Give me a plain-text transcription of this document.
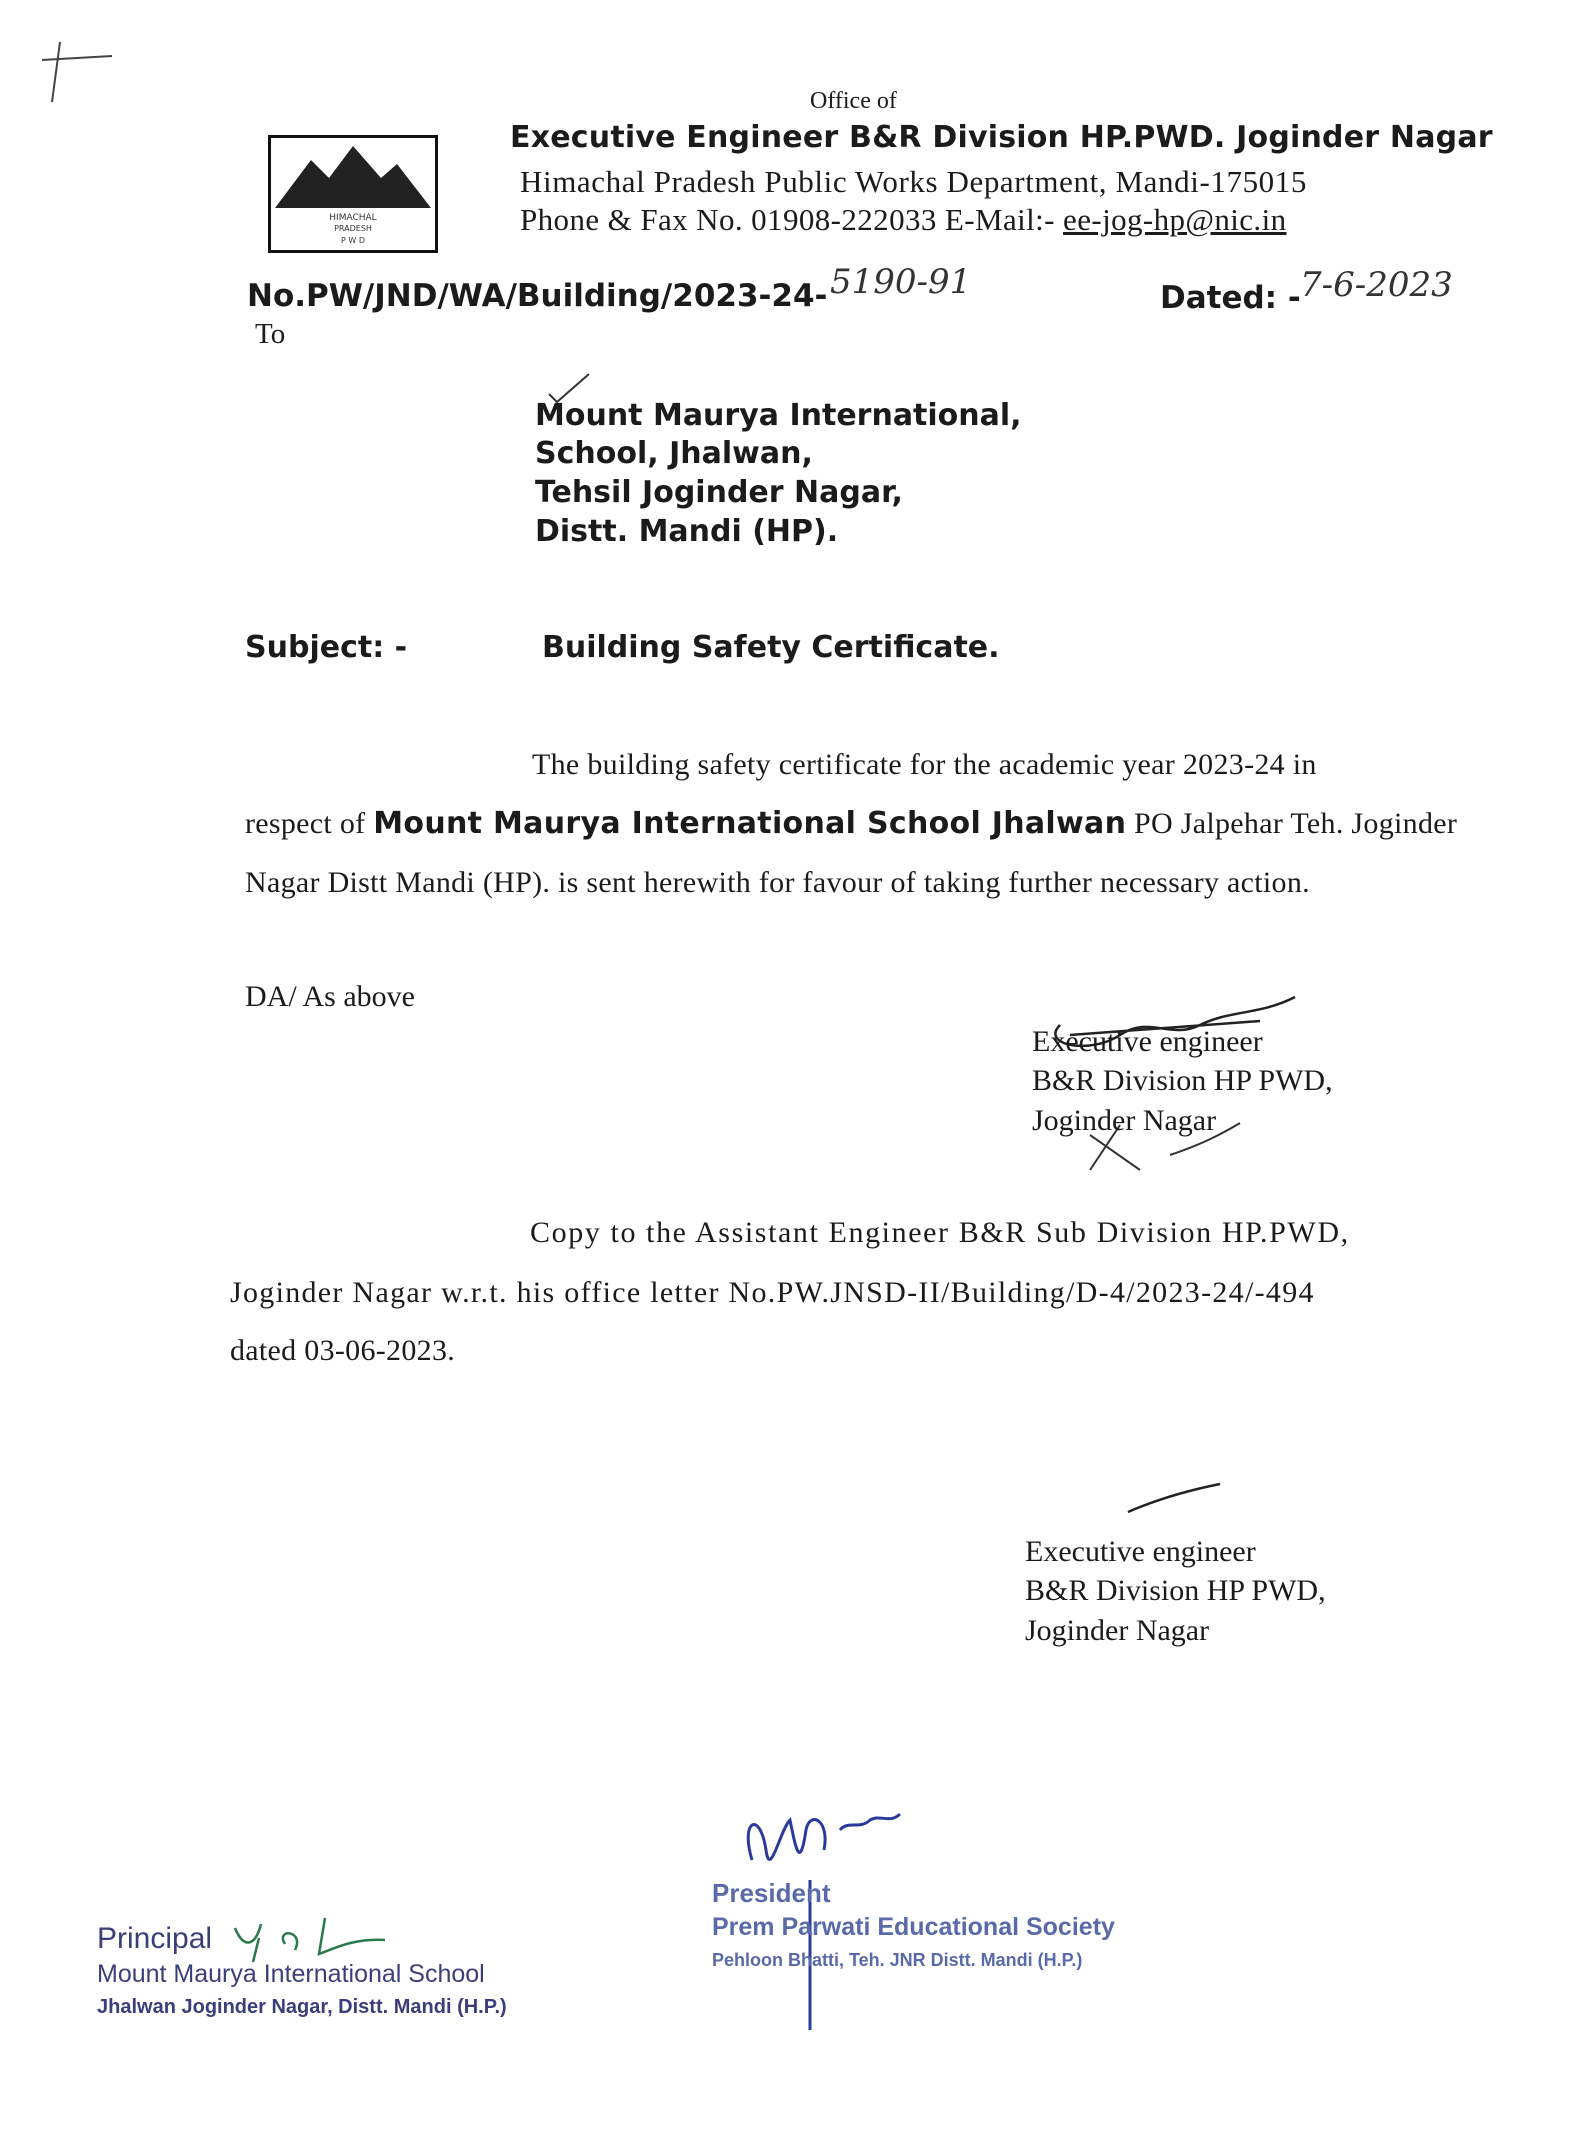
HIMACHAL
PRADESH
P W D
Office of
Executive Engineer B&R Division HP.PWD. Joginder Nagar
Himachal Pradesh Public Works Department, Mandi-175015
Phone & Fax No. 01908-222033 E-Mail:- ee-jog-hp@nic.in
No.PW/JND/WA/Building/2023-24- 5190-91	Dated: - 7-6-2023
To
Mount Maurya International,
School, Jhalwan,
Tehsil Joginder Nagar,
Distt. Mandi (HP).
Subject: -	Building Safety Certificate.
The building safety certificate for the academic year 2023-24 in
respect of Mount Maurya International School Jhalwan PO Jalpehar Teh. Joginder
Nagar Distt Mandi (HP). is sent herewith for favour of taking further necessary action.
DA/ As above
Executive engineer
B&R Division HP PWD,
Joginder Nagar
Copy to the Assistant Engineer B&R Sub Division HP.PWD,
Joginder Nagar w.r.t. his office letter No.PW.JNSD-II/Building/D-4/2023-24/-494
dated 03-06-2023.
Executive engineer
B&R Division HP PWD,
Joginder Nagar
Principal
Mount Maurya International School
Jhalwan Joginder Nagar, Distt. Mandi (H.P.)
President
Prem Parwati Educational Society
Pehloon Bhatti, Teh. JNR Distt. Mandi (H.P.)
